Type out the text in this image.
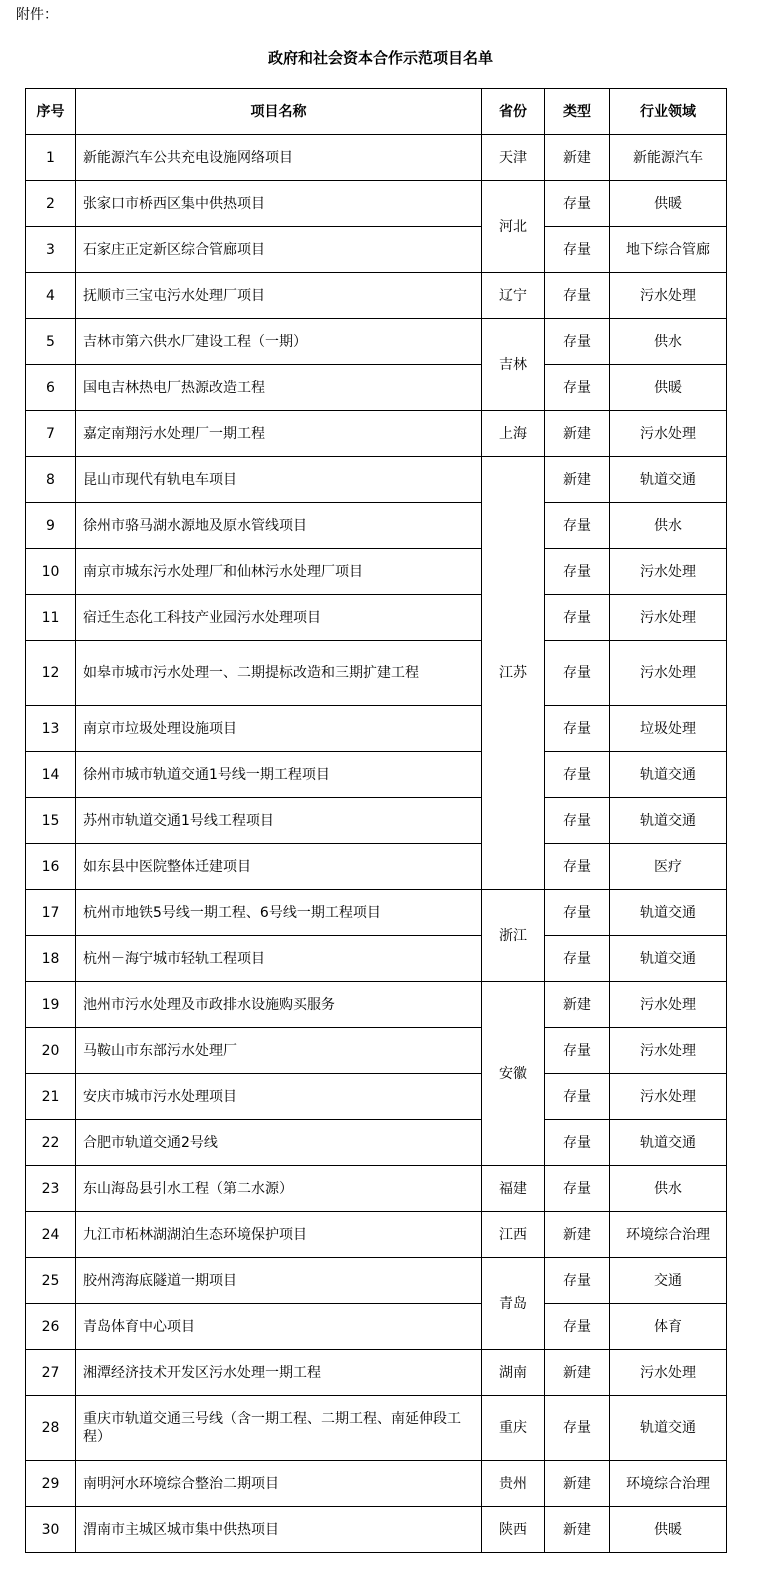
附件：
政府和社会资本合作示范项目名单
序号	项目名称	省份	类型	行业领域
1	新能源汽车公共充电设施网络项目	天津	新建	新能源汽车
2	张家口市桥西区集中供热项目	河北	存量	供暖
3	石家庄正定新区综合管廊项目		存量	地下综合管廊
4	抚顺市三宝屯污水处理厂项目	辽宁	存量	污水处理
5	吉林市第六供水厂建设工程（一期）	吉林	存量	供水
6	国电吉林热电厂热源改造工程		存量	供暖
7	嘉定南翔污水处理厂一期工程	上海	新建	污水处理
8	昆山市现代有轨电车项目	江苏	新建	轨道交通
9	徐州市骆马湖水源地及原水管线项目		存量	供水
10	南京市城东污水处理厂和仙林污水处理厂项目		存量	污水处理
11	宿迁生态化工科技产业园污水处理项目		存量	污水处理
12	如皋市城市污水处理一、二期提标改造和三期扩建工程		存量	污水处理
13	南京市垃圾处理设施项目		存量	垃圾处理
14	徐州市城市轨道交通1号线一期工程项目		存量	轨道交通
15	苏州市轨道交通1号线工程项目		存量	轨道交通
16	如东县中医院整体迁建项目		存量	医疗
17	杭州市地铁5号线一期工程、6号线一期工程项目	浙江	存量	轨道交通
18	杭州－海宁城市轻轨工程项目		存量	轨道交通
19	池州市污水处理及市政排水设施购买服务	安徽	新建	污水处理
20	马鞍山市东部污水处理厂		存量	污水处理
21	安庆市城市污水处理项目		存量	污水处理
22	合肥市轨道交通2号线		存量	轨道交通
23	东山海岛县引水工程（第二水源）	福建	存量	供水
24	九江市柘林湖湖泊生态环境保护项目	江西	新建	环境综合治理
25	胶州湾海底隧道一期项目	青岛	存量	交通
26	青岛体育中心项目		存量	体育
27	湘潭经济技术开发区污水处理一期工程	湖南	新建	污水处理
28	重庆市轨道交通三号线（含一期工程、二期工程、南延伸段工程）	重庆	存量	轨道交通
29	南明河水环境综合整治二期项目	贵州	新建	环境综合治理
30	渭南市主城区城市集中供热项目	陕西	新建	供暖
